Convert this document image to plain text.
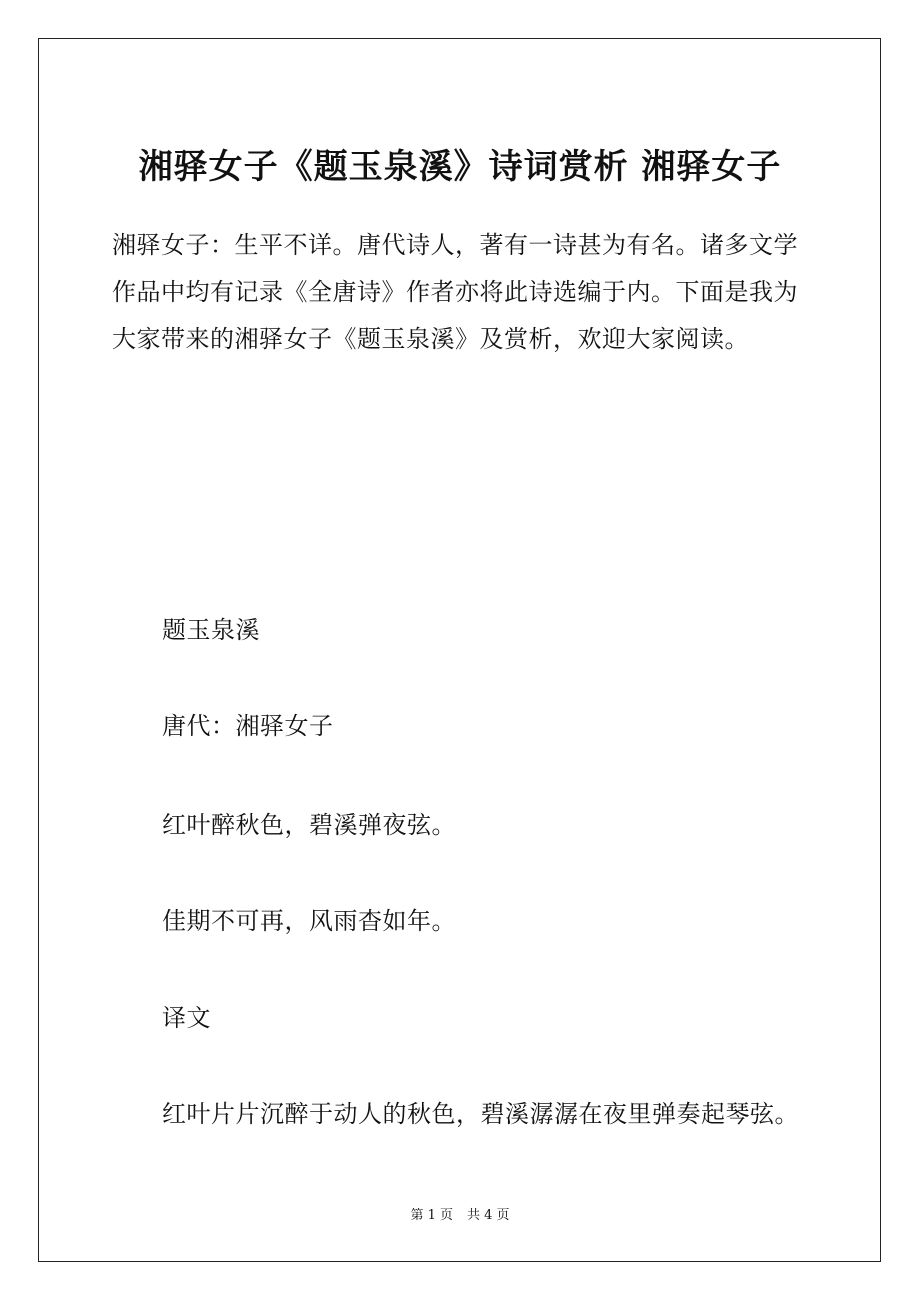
湘驿女子《题玉泉溪》诗词赏析 湘驿女子
湘驿女子：生平不详。唐代诗人，著有一诗甚为有名。诸多文学
作品中均有记录《全唐诗》作者亦将此诗选编于内。下面是我为
大家带来的湘驿女子《题玉泉溪》及赏析，欢迎大家阅读。
题玉泉溪
唐代：湘驿女子
红叶醉秋色，碧溪弹夜弦。
佳期不可再，风雨杳如年。
译文
红叶片片沉醉于动人的秋色，碧溪潺潺在夜里弹奏起琴弦。
第 1 页 共 4 页
